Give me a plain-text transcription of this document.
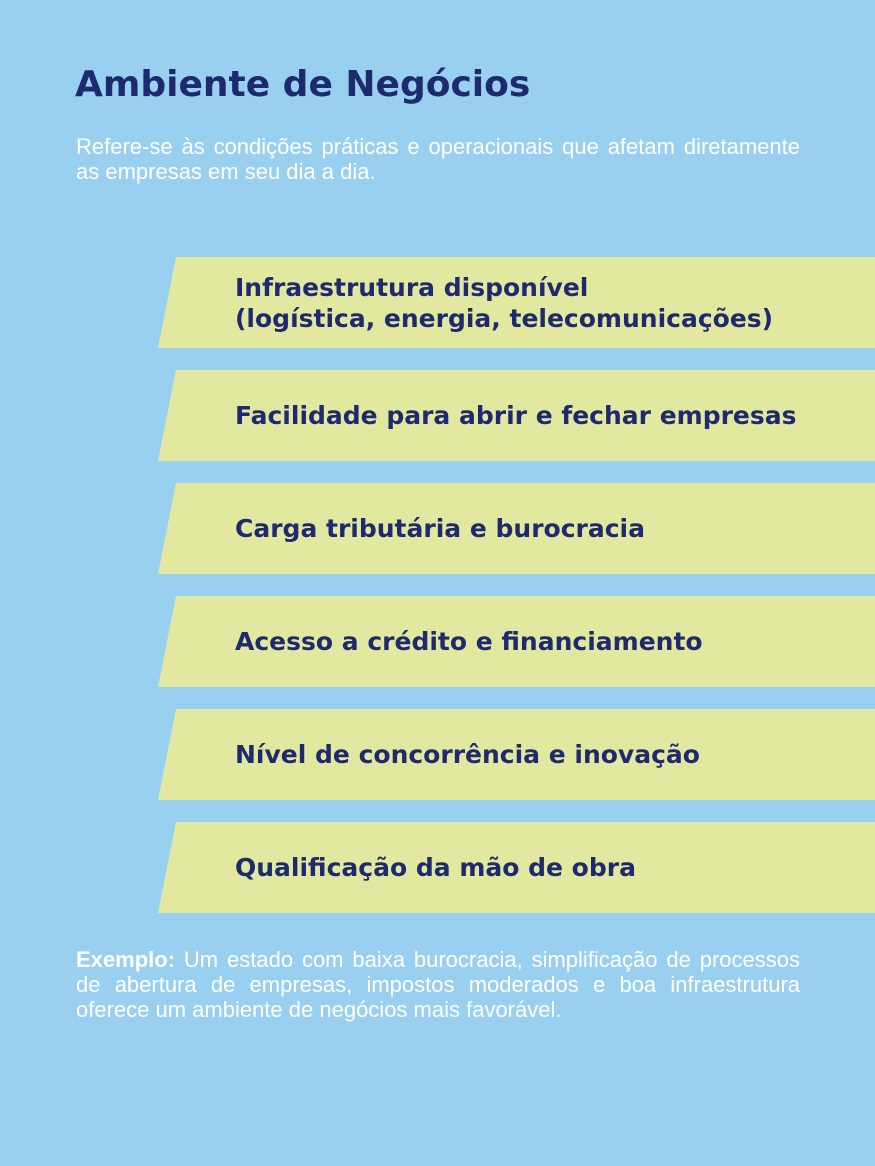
Ambiente de Negócios

Refere-se às condições práticas e operacionais que afetam diretamente as empresas em seu dia a dia.

Infraestrutura disponível
(logística, energia, telecomunicações)
Facilidade para abrir e fechar empresas
Carga tributária e burocracia
Acesso a crédito e financiamento
Nível de concorrência e inovação
Qualificação da mão de obra

Exemplo: Um estado com baixa burocracia, simplificação de processos de abertura de empresas, impostos moderados e boa infraestrutura oferece um ambiente de negócios mais favorável.
